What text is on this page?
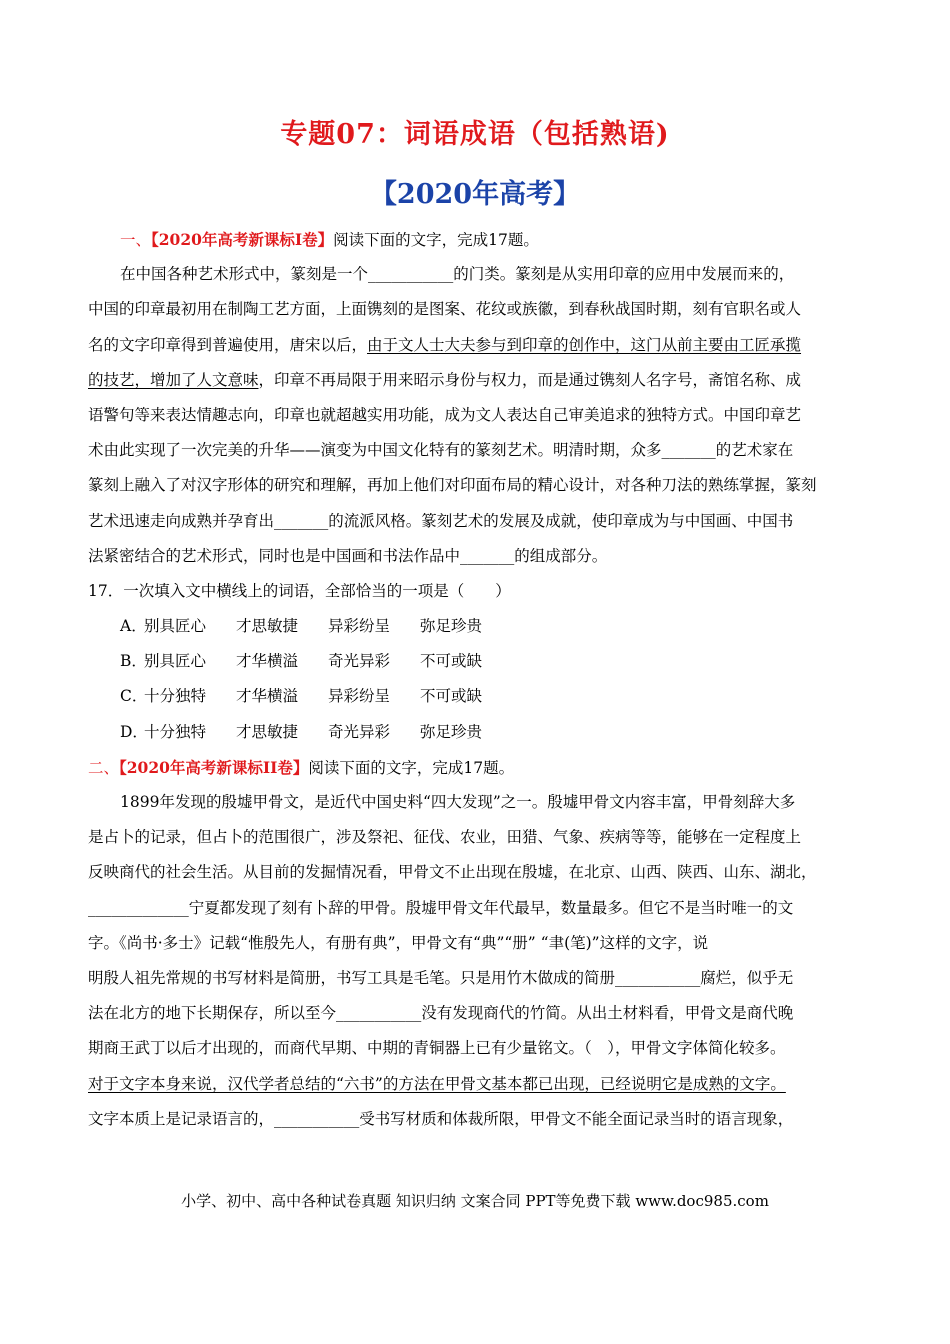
专题07：词语成语（包括熟语)
【2020年高考】
一、【2020年高考新课标Ⅰ卷】阅读下面的文字，完成17题。
在中国各种艺术形式中，篆刻是一个___________的门类。篆刻是从实用印章的应用中发展而来的，
中国的印章最初用在制陶工艺方面，上面镌刻的是图案、花纹或族徽，到春秋战国时期，刻有官职名或人
名的文字印章得到普遍使用，唐宋以后，由于文人士大夫参与到印章的创作中，这门从前主要由工匠承揽
的技艺，增加了人文意味，印章不再局限于用来昭示身份与权力，而是通过镌刻人名字号，斋馆名称、成
语警句等来表达情趣志向，印章也就超越实用功能，成为文人表达自己审美追求的独特方式。中国印章艺
术由此实现了一次完美的升华——演变为中国文化特有的篆刻艺术。明清时期，众多_______的艺术家在
篆刻上融入了对汉字形体的研究和理解，再加上他们对印面布局的精心设计，对各种刀法的熟练掌握，篆刻
艺术迅速走向成熟并孕育出_______的流派风格。篆刻艺术的发展及成就，使印章成为与中国画、中国书
法紧密结合的艺术形式，同时也是中国画和书法作品中_______的组成部分。
17．一次填入文中横线上的词语，全部恰当的一项是（　　）
A．别具匠心 才思敏捷 异彩纷呈 弥足珍贵
B．别具匠心 才华横溢 奇光异彩 不可或缺
C．十分独特 才华横溢 异彩纷呈 不可或缺
D．十分独特 才思敏捷 奇光异彩 弥足珍贵
二、【2020年高考新课标II卷】阅读下面的文字，完成17题。
1899年发现的殷墟甲骨文，是近代中国史料“四大发现”之一。殷墟甲骨文内容丰富，甲骨刻辞大多
是占卜的记录，但占卜的范围很广，涉及祭祀、征伐、农业，田猎、气象、疾病等等，能够在一定程度上
反映商代的社会生活。从目前的发掘情况看，甲骨文不止出现在殷墟，在北京、山西、陕西、山东、湖北，
_____________宁夏都发现了刻有卜辞的甲骨。殷墟甲骨文年代最早，数量最多。但它不是当时唯一的文
字。《尚书·多士》记载“惟殷先人，有册有典”，甲骨文有“典”“册” “聿(笔)”这样的文字，说
明殷人祖先常规的书写材料是简册，书写工具是毛笔。只是用竹木做成的简册___________腐烂，似乎无
法在北方的地下长期保存，所以至今___________没有发现商代的竹简。从出土材料看，甲骨文是商代晚
期商王武丁以后才出现的，而商代早期、中期的青铜器上已有少量铭文。（　），甲骨文字体简化较多。
对于文字本身来说，汉代学者总结的“六书”的方法在甲骨文基本都已出现，已经说明它是成熟的文字。
文字本质上是记录语言的，___________受书写材质和体裁所限，甲骨文不能全面记录当时的语言现象，
小学、初中、高中各种试卷真题 知识归纳 文案合同 PPT等免费下载 www.doc985.com
